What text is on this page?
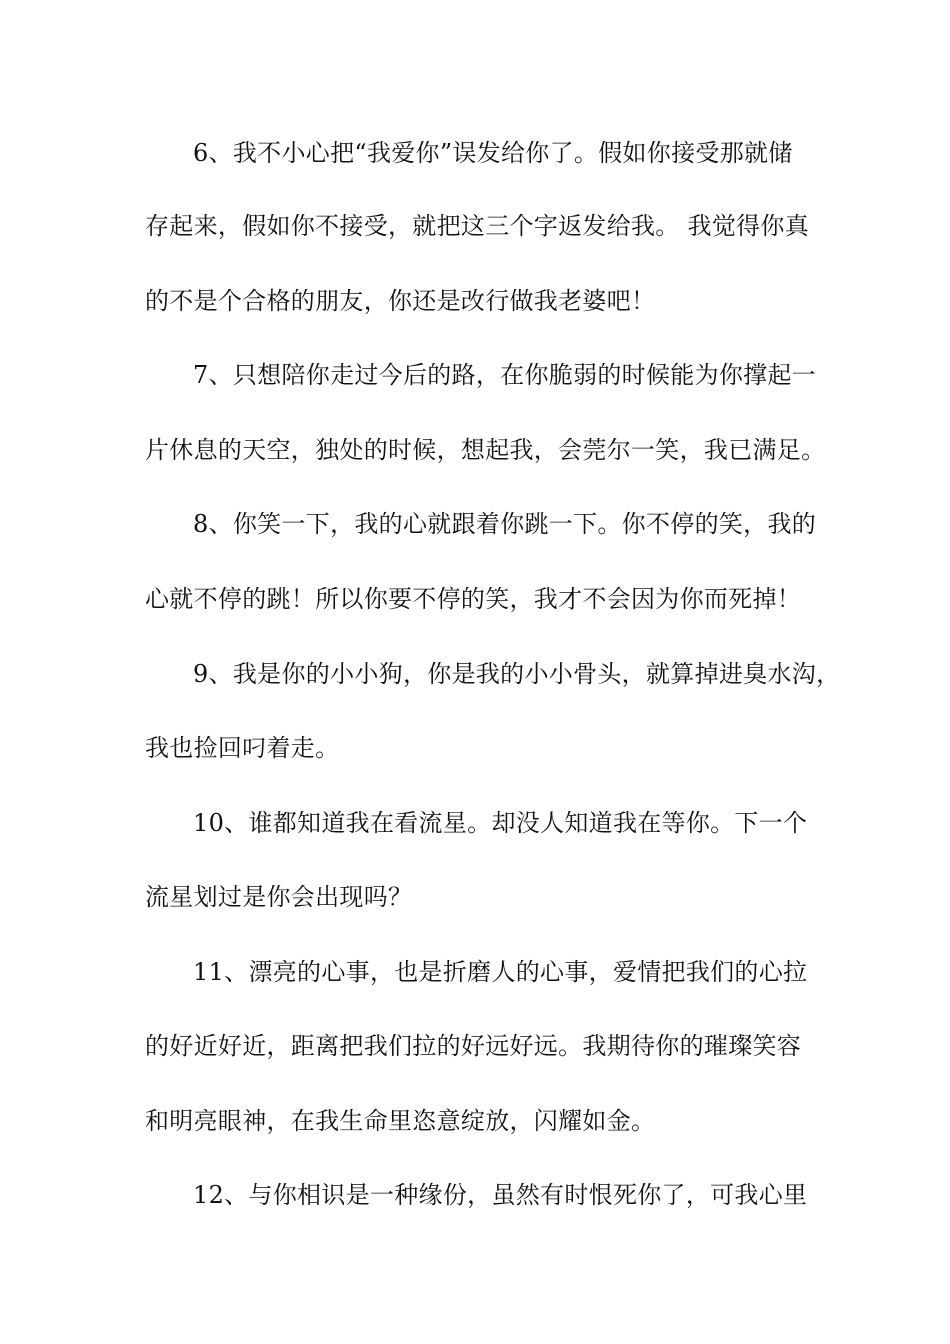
6、我不小心把“我爱你”误发给你了。假如你接受那就储
存起来，假如你不接受，就把这三个字返发给我。 我觉得你真
的不是个合格的朋友，你还是改行做我老婆吧！
7、只想陪你走过今后的路，在你脆弱的时候能为你撑起一
片休息的天空，独处的时候，想起我，会莞尔一笑，我已满足。
8、你笑一下，我的心就跟着你跳一下。你不停的笑，我的
心就不停的跳！所以你要不停的笑，我才不会因为你而死掉！
9、我是你的小小狗，你是我的小小骨头，就算掉进臭水沟，
我也捡回叼着走。
10、谁都知道我在看流星。却没人知道我在等你。下一个
流星划过是你会出现吗？
11、漂亮的心事，也是折磨人的心事，爱情把我们的心拉
的好近好近，距离把我们拉的好远好远。我期待你的璀璨笑容
和明亮眼神，在我生命里恣意绽放，闪耀如金。
12、与你相识是一种缘份，虽然有时恨死你了，可我心里
